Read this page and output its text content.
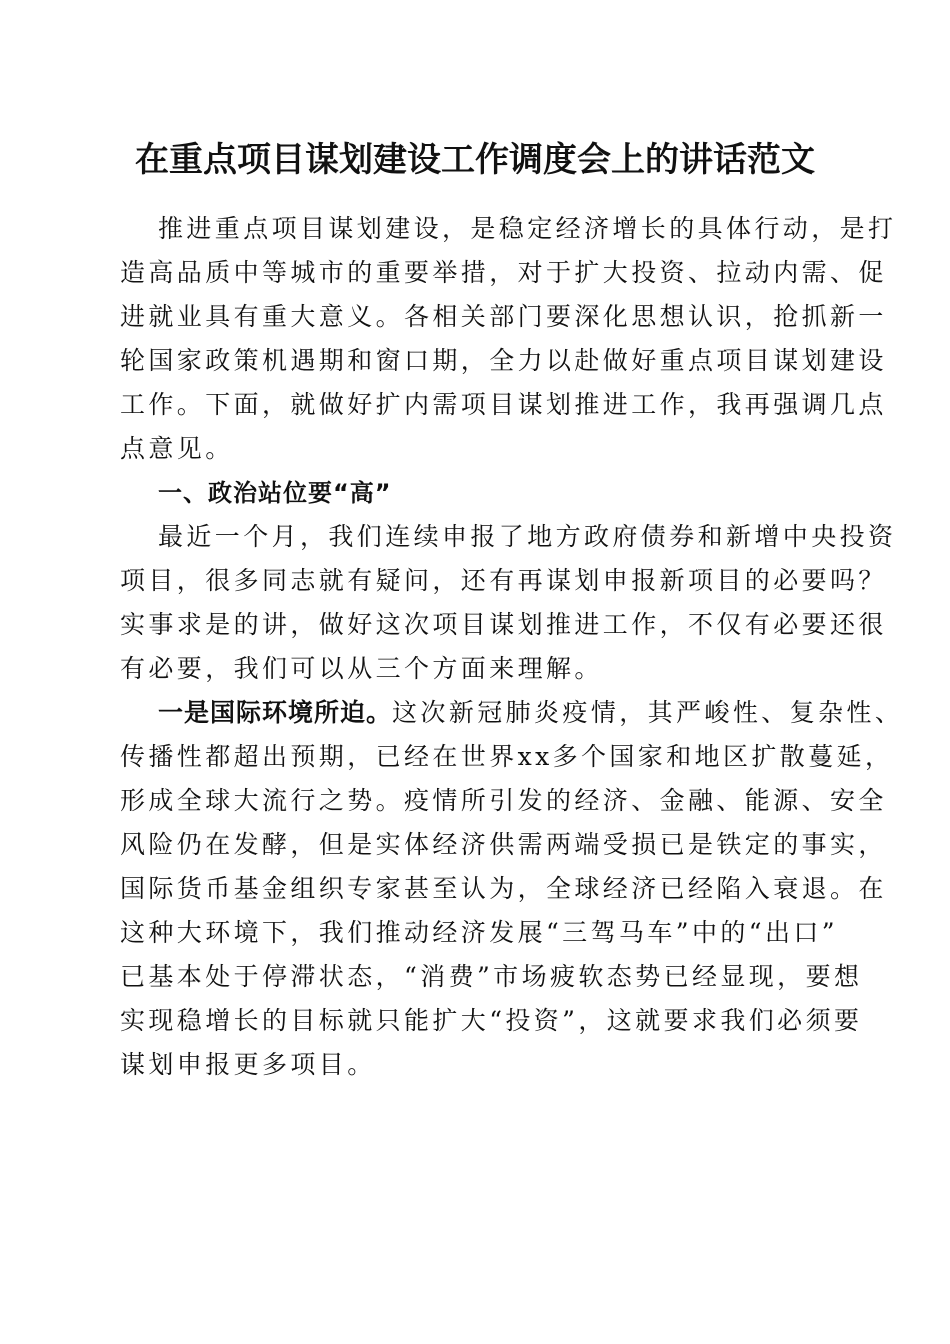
在重点项目谋划建设工作调度会上的讲话范文
推进重点项目谋划建设，是稳定经济增长的具体行动，是打
造高品质中等城市的重要举措，对于扩大投资、拉动内需、促
进就业具有重大意义。各相关部门要深化思想认识，抢抓新一
轮国家政策机遇期和窗口期，全力以赴做好重点项目谋划建设
工作。下面，就做好扩内需项目谋划推进工作，我再强调几点
点意见。
一、政治站位要“高”
最近一个月，我们连续申报了地方政府债券和新增中央投资
项目，很多同志就有疑问，还有再谋划申报新项目的必要吗？
实事求是的讲，做好这次项目谋划推进工作，不仅有必要还很
有必要，我们可以从三个方面来理解。
一是国际环境所迫。这次新冠肺炎疫情，其严峻性、复杂性、
传播性都超出预期，已经在世界xx多个国家和地区扩散蔓延，
形成全球大流行之势。疫情所引发的经济、金融、能源、安全
风险仍在发酵，但是实体经济供需两端受损已是铁定的事实，
国际货币基金组织专家甚至认为，全球经济已经陷入衰退。在
这种大环境下，我们推动经济发展“三驾马车”中的“出口”
已基本处于停滞状态，“消费”市场疲软态势已经显现，要想
实现稳增长的目标就只能扩大“投资”，这就要求我们必须要
谋划申报更多项目。
